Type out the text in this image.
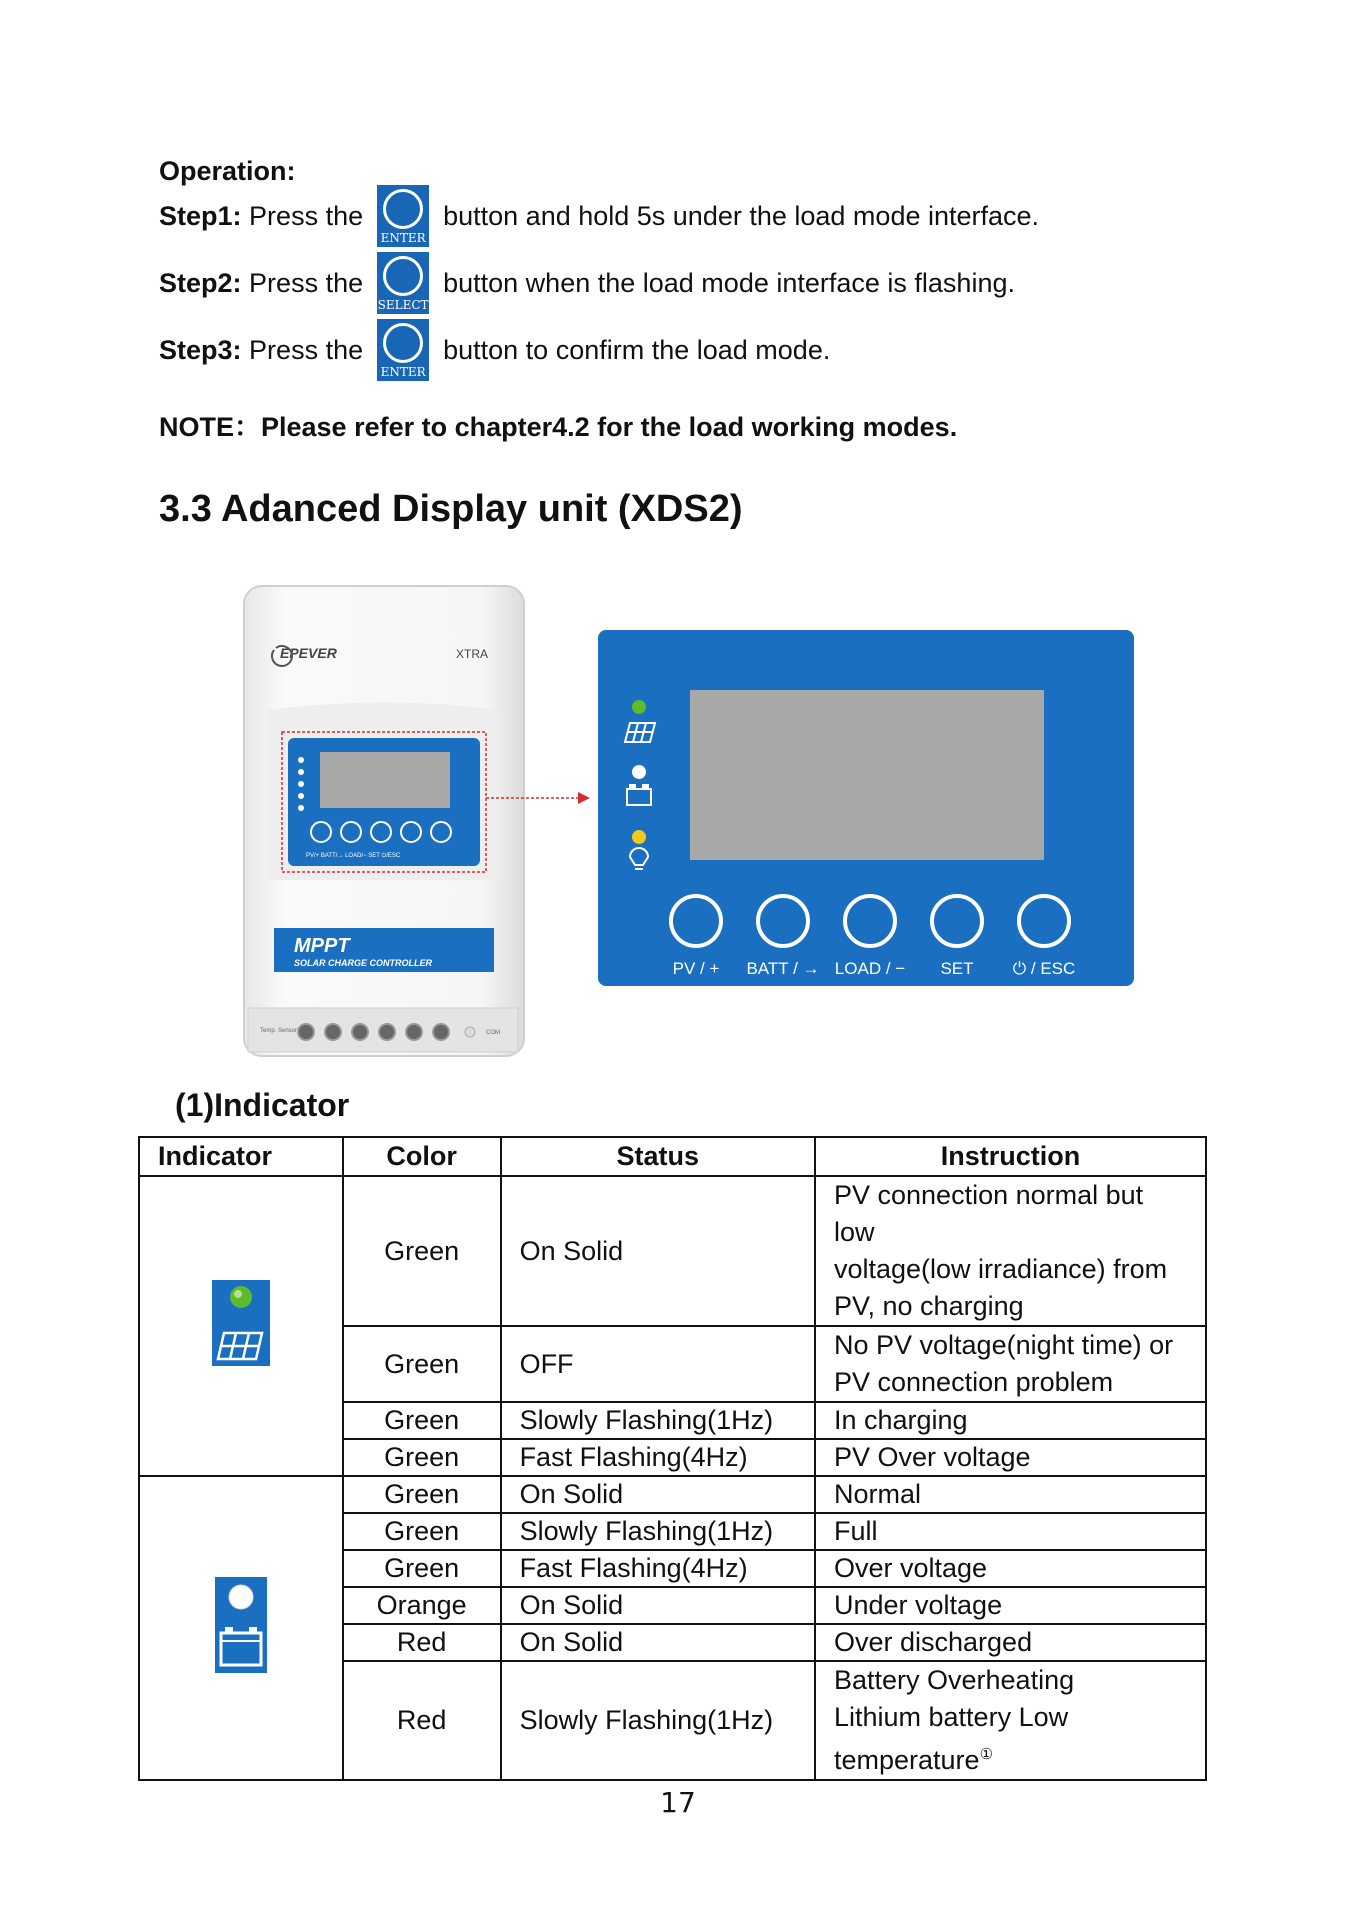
Operation:
Step1:
Press the
ENTER
button and hold 5s under the load mode interface.
Step2:
Press the
SELECT
button when the load mode interface is flashing.
Step3:
Press the
ENTER
button to confirm the load mode.
NOTE：Please refer to chapter4.2 for the load working modes.
3.3 Adanced Display unit (XDS2)
EPEVER	XTRA
PV/+ BATT/→ LOAD/− SET ⏻/ESC
MPPT
SOLAR CHARGE CONTROLLER
Temp. Sensor	COM
PV / + BATT / → LOAD / − SET ⏻ / ESC
(1)Indicator
Indicator	Color	Status	Instruction
	Green	On Solid	PV connection normal but low
voltage(low irradiance) from
PV, no charging

	Green	OFF	No PV voltage(night time) or
PV connection problem

	Green	Slowly Flashing(1Hz)	In charging
	Green	Fast Flashing(4Hz)	PV Over voltage
	Green	On Solid	Normal
	Green	Slowly Flashing(1Hz)	Full
	Green	Fast Flashing(4Hz)	Over voltage
	Orange	On Solid	Under voltage
	Red	On Solid	Over discharged
	Red	Slowly Flashing(1Hz)	Battery Overheating
Lithium battery Low
temperature①
17
